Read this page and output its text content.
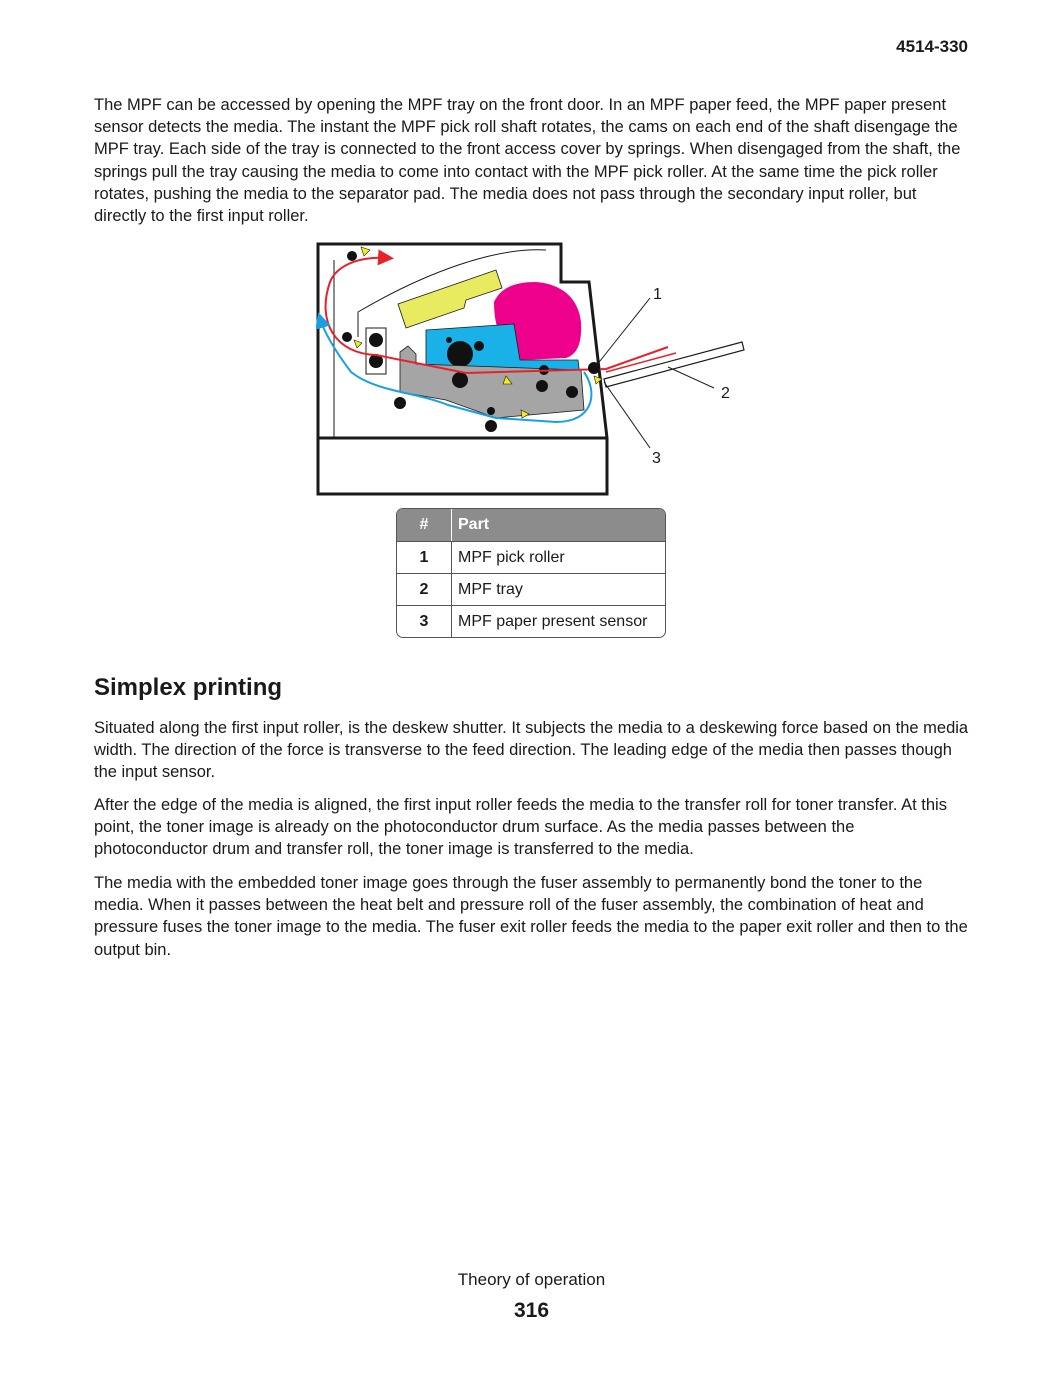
4514-330

The MPF can be accessed by opening the MPF tray on the front door. In an MPF paper feed, the MPF paper present sensor detects the media. The instant the MPF pick roll shaft rotates, the cams on each end of the shaft disengage the MPF tray. Each side of the tray is connected to the front access cover by springs. When disengaged from the shaft, the springs pull the tray causing the media to come into contact with the MPF pick roller. At the same time the pick roller rotates, pushing the media to the separator pad. The media does not pass through the secondary input roller, but directly to the first input roller.

1
2
3
#	Part
1	MPF pick roller
2	MPF tray
3	MPF paper present sensor
Simplex printing

Situated along the first input roller, is the deskew shutter. It subjects the media to a deskewing force based on the media width. The direction of the force is transverse to the feed direction. The leading edge of the media then passes though the input sensor.

After the edge of the media is aligned, the first input roller feeds the media to the transfer roll for toner transfer. At this point, the toner image is already on the photoconductor drum surface. As the media passes between the photoconductor drum and transfer roll, the toner image is transferred to the media.

The media with the embedded toner image goes through the fuser assembly to permanently bond the toner to the media. When it passes between the heat belt and pressure roll of the fuser assembly, the combination of heat and pressure fuses the toner image to the media. The fuser exit roller feeds the media to the paper exit roller and then to the output bin.

Theory of operation
316
